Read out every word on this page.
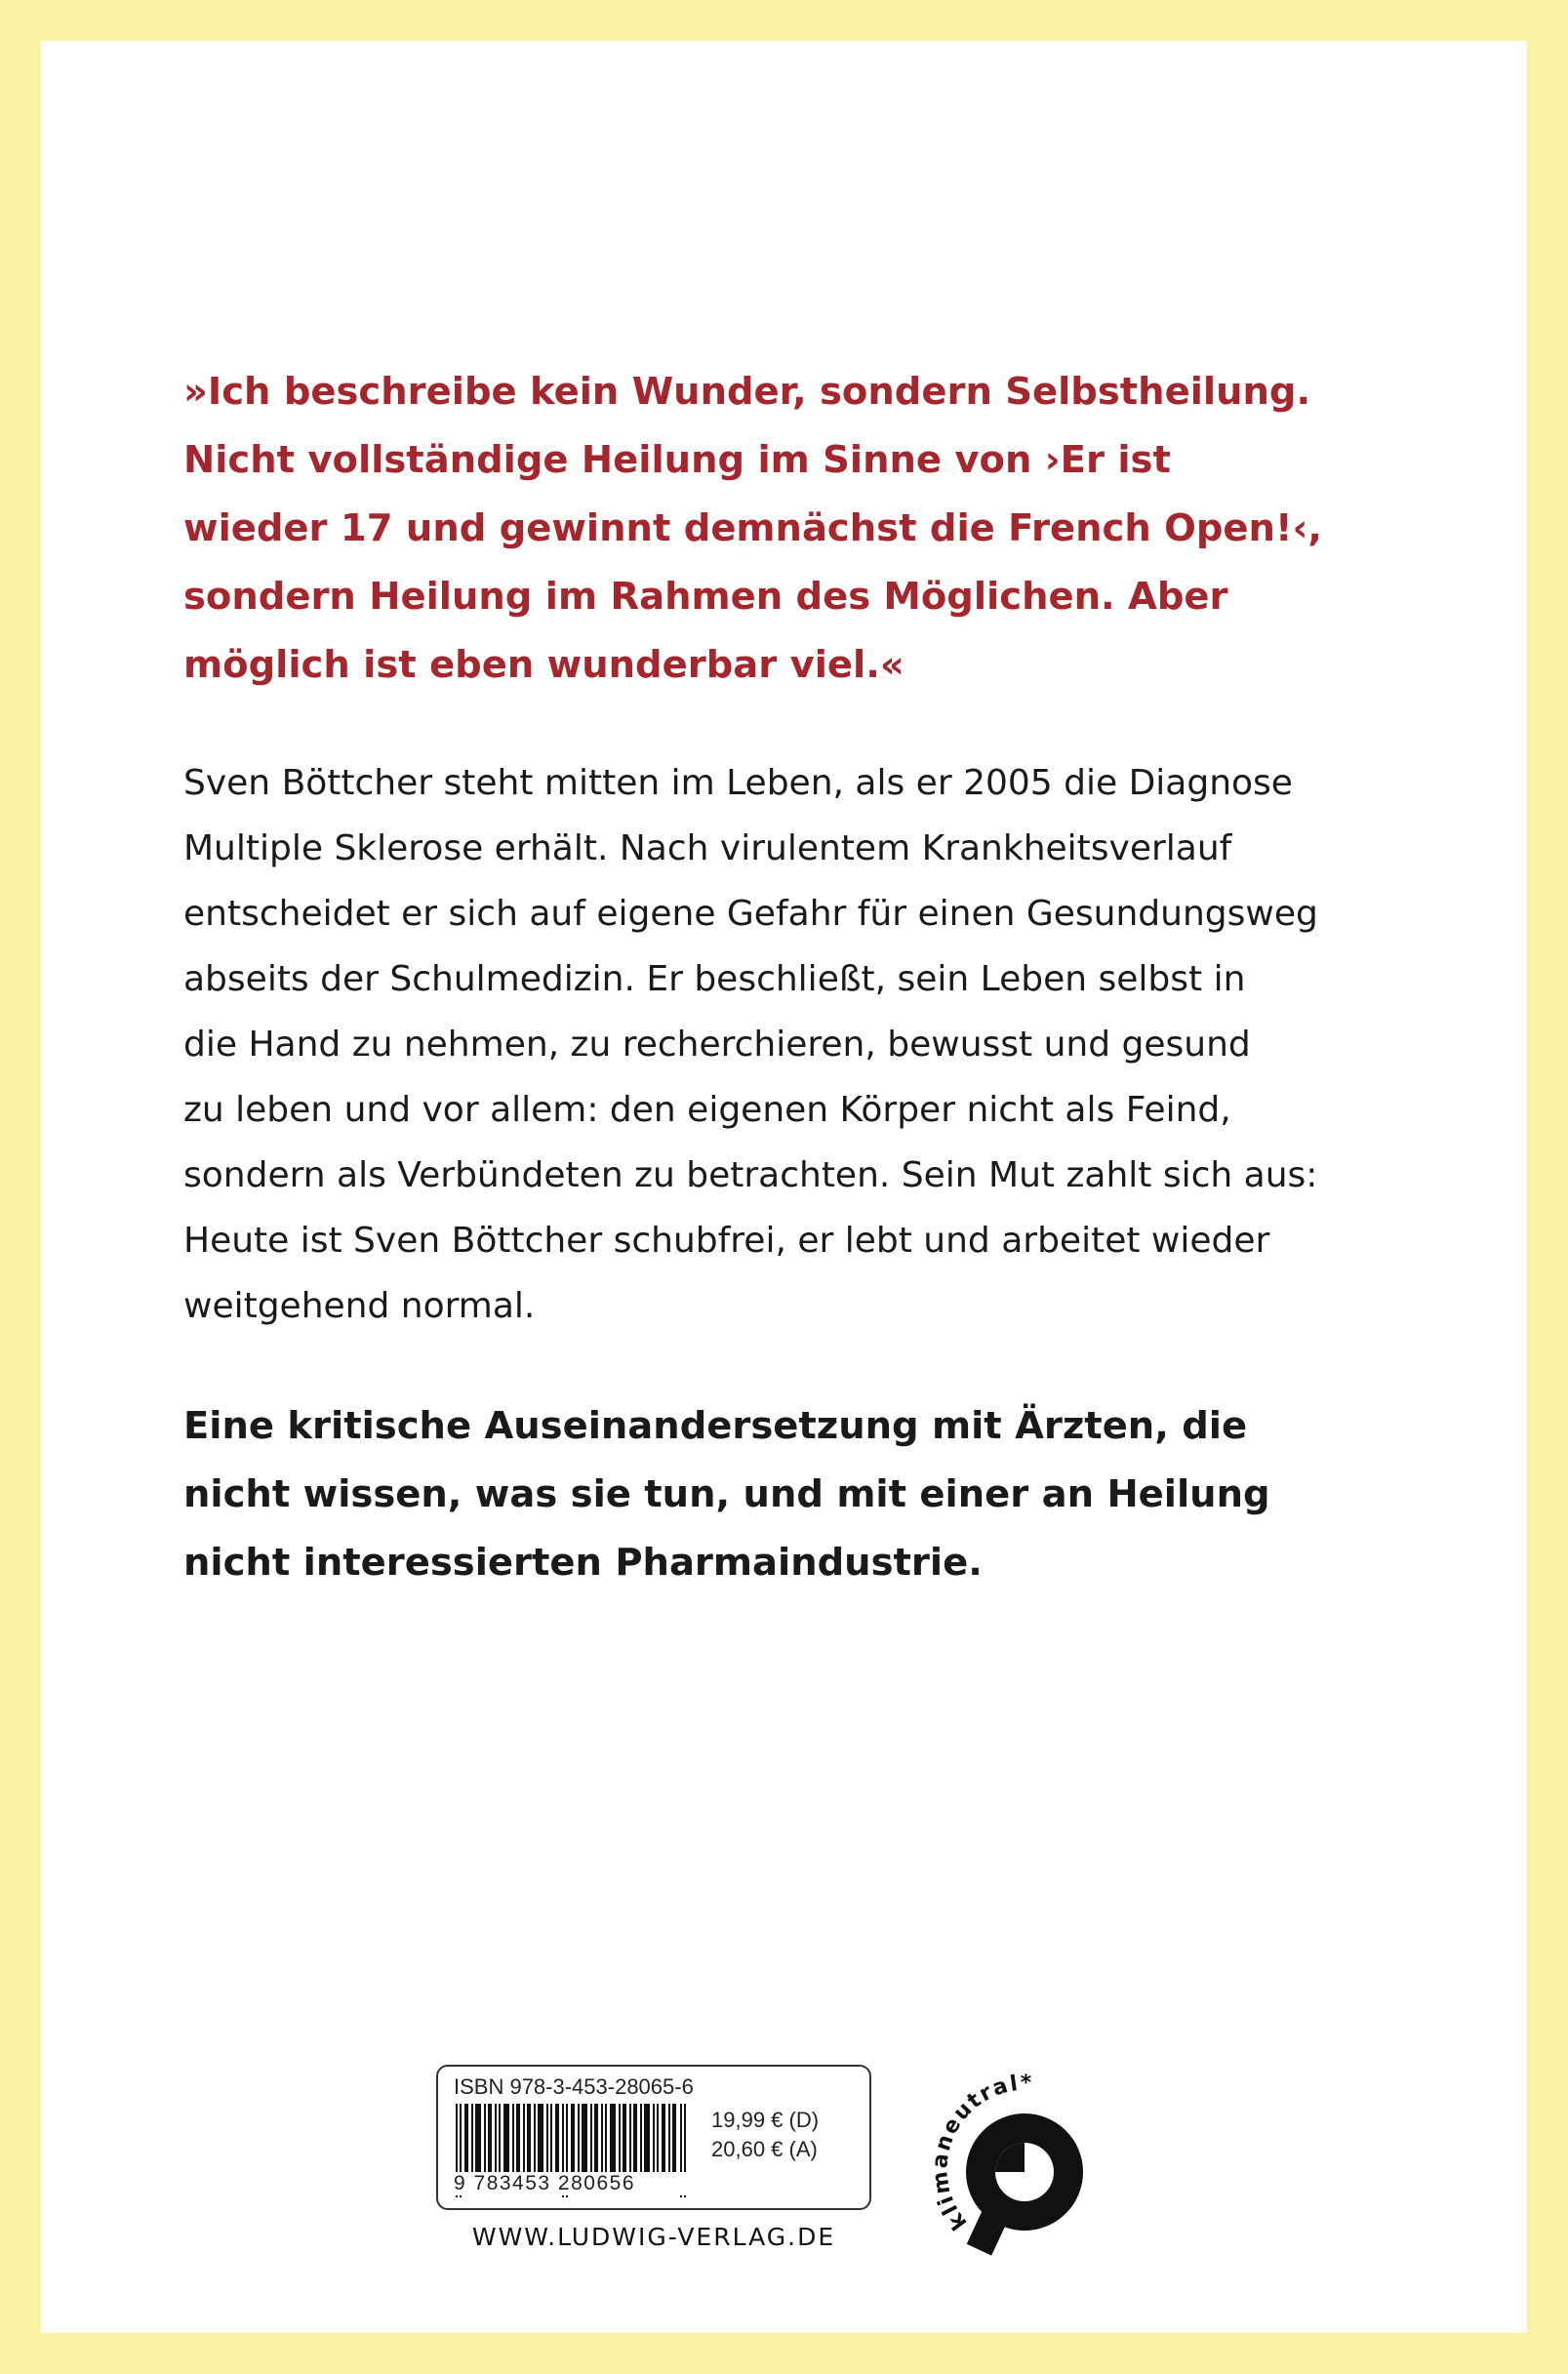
»Ich beschreibe kein Wunder, sondern Selbstheilung.
Nicht vollständige Heilung im Sinne von ›Er ist
wieder 17 und gewinnt demnächst die French Open!‹,
sondern Heilung im Rahmen des Möglichen. Aber
möglich ist eben wunderbar viel.«

Sven Böttcher steht mitten im Leben, als er 2005 die Diagnose
Multiple Sklerose erhält. Nach virulentem Krankheitsverlauf
entscheidet er sich auf eigene Gefahr für einen Gesundungsweg
abseits der Schulmedizin. Er beschließt, sein Leben selbst in
die Hand zu nehmen, zu recherchieren, bewusst und gesund
zu leben und vor allem: den eigenen Körper nicht als Feind,
sondern als Verbündeten zu betrachten. Sein Mut zahlt sich aus:
Heute ist Sven Böttcher schubfrei, er lebt und arbeitet wieder
weitgehend normal.

Eine kritische Auseinandersetzung mit Ärzten, die
nicht wissen, was sie tun, und mit einer an Heilung
nicht interessierten Pharmaindustrie.

ISBN 978-3-453-28065-6
9 783453 280656
19,99 € (D)
20,60 € (A)
WWW.LUDWIG-VERLAG.DE
klimaneutral*
